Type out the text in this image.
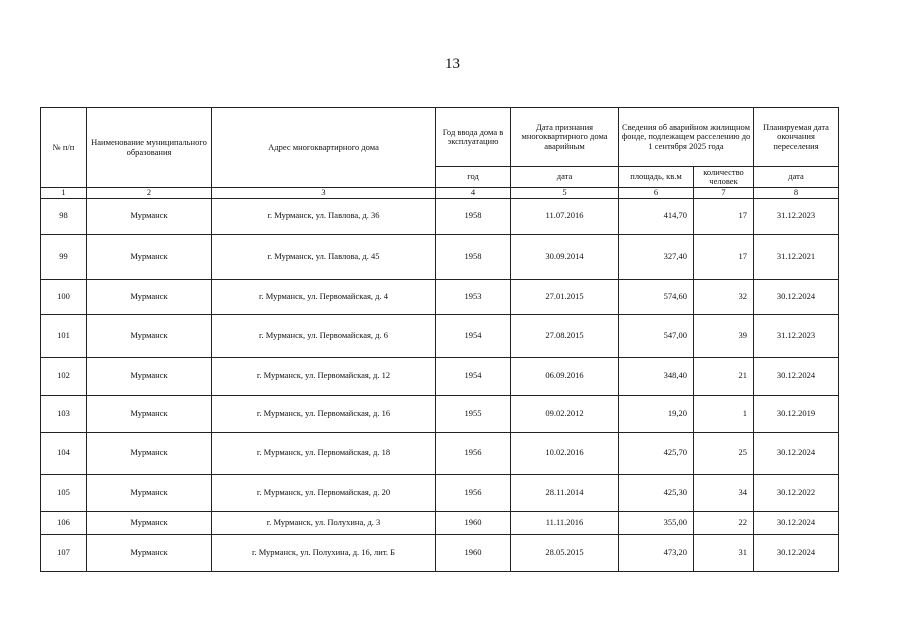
13
№ п/п	Наименование муниципального образования	Адрес многоквартирного дома	Год ввода дома в эксплуатацию	Дата признания многоквартирного дома аварийным	Сведения об аварийном жилищном фонде, подлежащем расселению до 1 сентября 2025 года		Планируемая дата окончания переселения
			год	дата	площадь, кв.м	количество человек	дата
1	2	3	4	5	6	7	8
98	Мурманск	г. Мурманск, ул. Павлова, д. 36	1958	11.07.2016	414,70	17	31.12.2023
99	Мурманск	г. Мурманск, ул. Павлова, д. 45	1958	30.09.2014	327,40	17	31.12.2021
100	Мурманск	г. Мурманск, ул. Первомайская, д. 4	1953	27.01.2015	574,60	32	30.12.2024
101	Мурманск	г. Мурманск, ул. Первомайская, д. 6	1954	27.08.2015	547,00	39	31.12.2023
102	Мурманск	г. Мурманск, ул. Первомайская, д. 12	1954	06.09.2016	348,40	21	30.12.2024
103	Мурманск	г. Мурманск, ул. Первомайская, д. 16	1955	09.02.2012	19,20	1	30.12.2019
104	Мурманск	г. Мурманск, ул. Первомайская, д. 18	1956	10.02.2016	425,70	25	30.12.2024
105	Мурманск	г. Мурманск, ул. Первомайская, д. 20	1956	28.11.2014	425,30	34	30.12.2022
106	Мурманск	г. Мурманск, ул. Полухина, д. 3	1960	11.11.2016	355,00	22	30.12.2024
107	Мурманск	г. Мурманск, ул. Полухина, д. 16, лит. Б	1960	28.05.2015	473,20	31	30.12.2024
